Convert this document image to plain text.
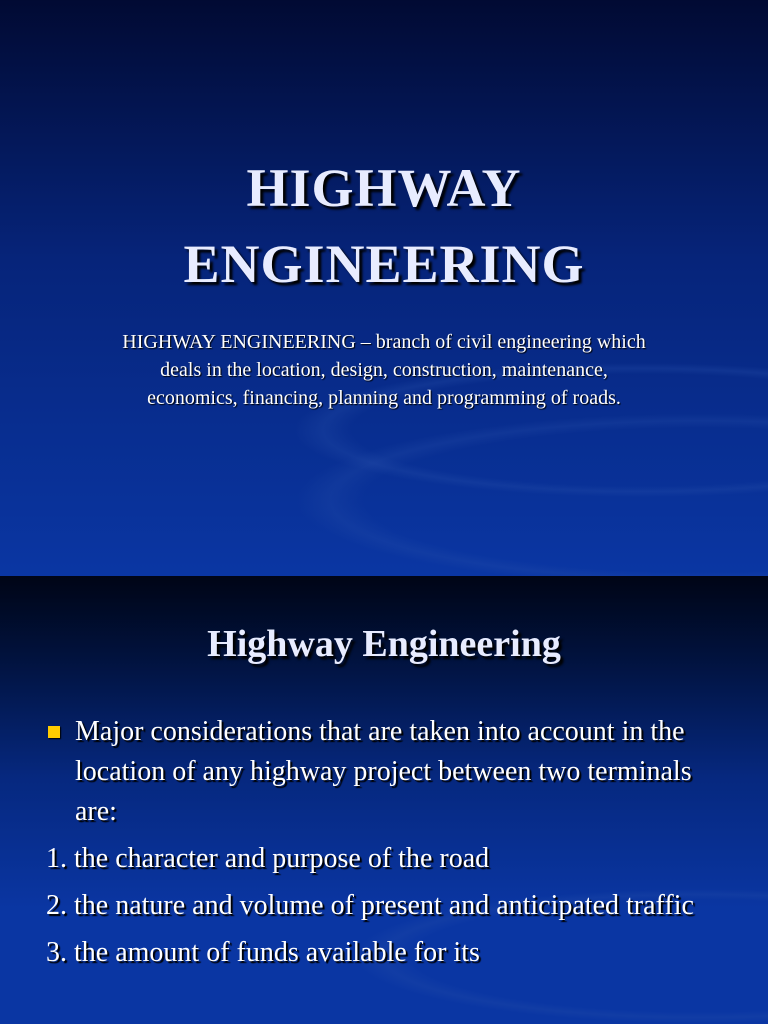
HIGHWAY
ENGINEERING
HIGHWAY ENGINEERING – branch of civil engineering which deals in the location, design, construction, maintenance, economics, financing, planning and programming of roads.
Highway Engineering
Major considerations that are taken into account in the location of any highway project between two terminals are:
1. the character and purpose of the road
2. the nature and volume of present and anticipated traffic
3. the amount of funds available for its
